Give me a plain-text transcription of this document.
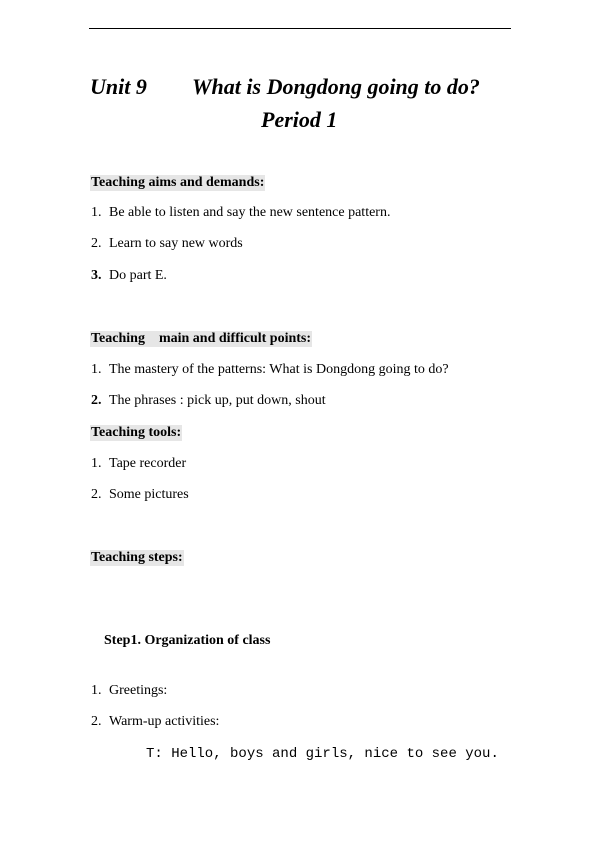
Unit 9 What is Dongdong going to do?
Period 1
Teaching aims and demands:
1. Be able to listen and say the new sentence pattern.
2. Learn to say new words
3. Do part E.
Teaching    main and difficult points:
1. The mastery of the patterns: What is Dongdong going to do?
2. The phrases : pick up, put down, shout
Teaching tools:
1. Tape recorder
2. Some pictures
Teaching steps:
Step1. Organization of class
1. Greetings:
2. Warm-up activities:
T: Hello, boys and girls, nice to see you.
